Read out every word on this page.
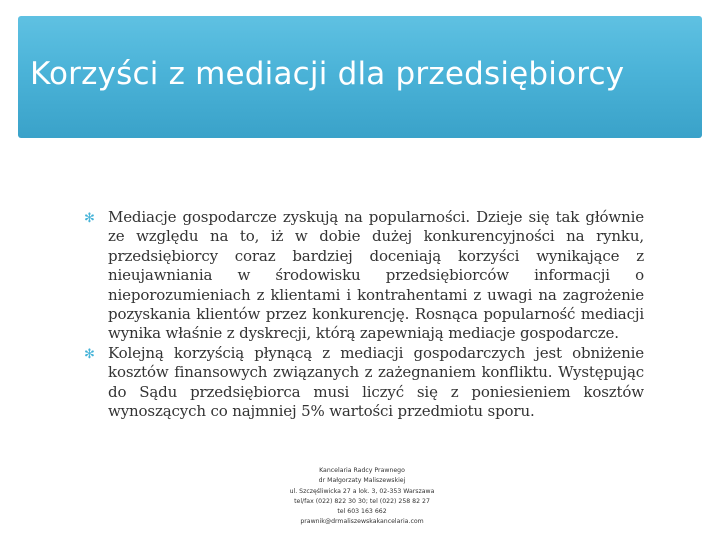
Korzyści z mediacji dla przedsiębiorcy
✻ Mediacje gospodarcze zyskują na popularności. Dzieje się tak głównie ze względu na to, iż w dobie dużej konkurencyjności na rynku, przedsiębiorcy coraz bardziej doceniają korzyści wynikające z nieujawniania w środowisku przedsiębiorców informacji o nieporozumieniach z klientami i kontrahentami z uwagi na zagrożenie pozyskania klientów przez konkurencję. Rosnąca popularność mediacji wynika właśnie z dyskrecji, którą zapewniają mediacje gospodarcze.
✻ Kolejną korzyścią płynącą z mediacji gospodarczych jest obniżenie kosztów finansowych związanych z zażegnaniem konfliktu. Występując do Sądu przedsiębiorca musi liczyć się z poniesieniem kosztów wynoszących co najmniej 5% wartości przedmiotu sporu.
Kancelaria Radcy Prawnego
dr Małgorzaty Maliszewskiej
ul. Szczęśliwicka 27 a lok. 3, 02-353 Warszawa
tel/fax (022) 822 30 30; tel (022) 258 82 27
tel 603 163 662
prawnik@drmaliszewskakancelaria.com
